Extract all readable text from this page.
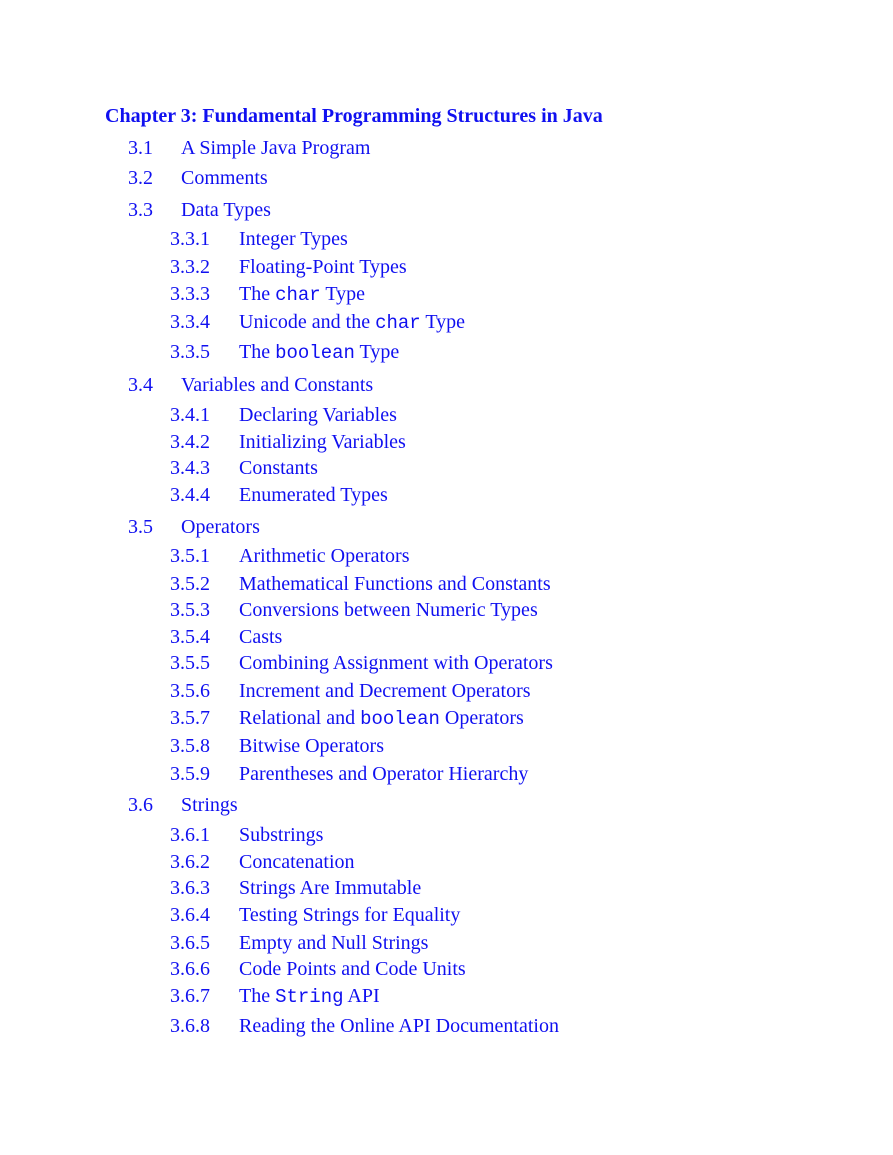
Chapter 3: Fundamental Programming Structures in Java
3.1 A Simple Java Program
3.2 Comments
3.3 Data Types
3.3.1 Integer Types
3.3.2 Floating-Point Types
3.3.3 The char Type
3.3.4 Unicode and the char Type
3.3.5 The boolean Type
3.4 Variables and Constants
3.4.1 Declaring Variables
3.4.2 Initializing Variables
3.4.3 Constants
3.4.4 Enumerated Types
3.5 Operators
3.5.1 Arithmetic Operators
3.5.2 Mathematical Functions and Constants
3.5.3 Conversions between Numeric Types
3.5.4 Casts
3.5.5 Combining Assignment with Operators
3.5.6 Increment and Decrement Operators
3.5.7 Relational and boolean Operators
3.5.8 Bitwise Operators
3.5.9 Parentheses and Operator Hierarchy
3.6 Strings
3.6.1 Substrings
3.6.2 Concatenation
3.6.3 Strings Are Immutable
3.6.4 Testing Strings for Equality
3.6.5 Empty and Null Strings
3.6.6 Code Points and Code Units
3.6.7 The String API
3.6.8 Reading the Online API Documentation
